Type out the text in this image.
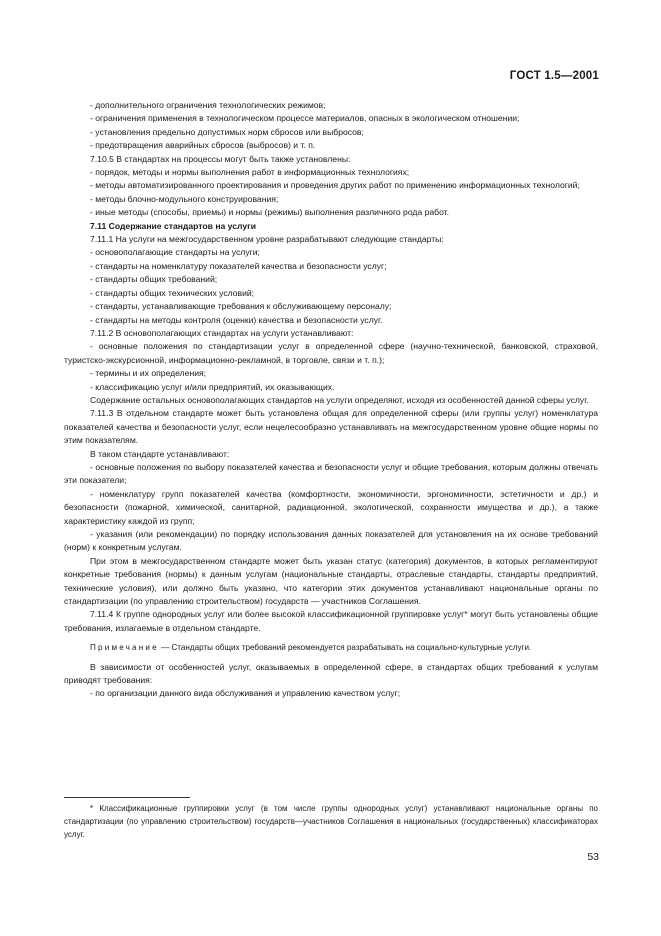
ГОСТ 1.5—2001

- дополнительного ограничения технологических режимов;

- ограничения применения в технологическом процессе материалов, опасных в экологическом отношении;

- установления предельно допустимых норм сбросов или выбросов;

- предотвращения аварийных сбросов (выбросов) и т. п.

7.10.5 В стандартах на процессы могут быть также установлены:

- порядок, методы и нормы выполнения работ в информационных технологиях;

- методы автоматизированного проектирования и проведения других работ по применению информационных технологий;

- методы блочно-модульного конструирования;

- иные методы (способы, приемы) и нормы (режимы) выполнения различного рода работ.

7.11 Содержание стандартов на услуги

7.11.1 На услуги на межгосударственном уровне разрабатывают следующие стандарты:

- основополагающие стандарты на услуги;

- стандарты на номенклатуру показателей качества и безопасности услуг;

- стандарты общих требований;

- стандарты общих технических условий;

- стандарты, устанавливающие требования к обслуживающему персоналу;

- стандарты на методы контроля (оценки) качества и безопасности услуг.

7.11.2 В основополагающих стандартах на услуги устанавливают:

- основные положения по стандартизации услуг в определенной сфере (научно-технической, банковской, страховой, туристско-экскурсионной, информационно-рекламной, в торговле, связи и т. п.);

- термины и их определения;

- классификацию услуг и/или предприятий, их оказывающих.

Содержание остальных основополагающих стандартов на услуги определяют, исходя из особенностей данной сферы услуг.

7.11.3 В отдельном стандарте может быть установлена общая для определенной сферы (или группы услуг) номенклатура показателей качества и безопасности услуг, если нецелесообразно устанавливать на межгосударственном уровне общие нормы по этим показателям.

В таком стандарте устанавливают:

- основные положения по выбору показателей качества и безопасности услуг и общие требования, которым должны отвечать эти показатели;

- номенклатуру групп показателей качества (комфортности, экономичности, эргономичности, эстетичности и др.) и безопасности (пожарной, химической, санитарной, радиационной, экологической, сохранности имущества и др.), а также характеристику каждой из групп;

- указания (или рекомендации) по порядку использования данных показателей для установления на их основе требований (норм) к конкретным услугам.

При этом в межгосударственном стандарте может быть указан статус (категория) документов, в которых регламентируют конкретные требования (нормы) к данным услугам (национальные стандарты, отраслевые стандарты, стандарты предприятий, технические условия), или должно быть указано, что категории этих документов устанавливают национальные органы по стандартизации (по управлению строительством) государств — участников Соглашения.

7.11.4 К группе однородных услуг или более высокой классификационной группировке услуг* могут быть установлены общие требования, излагаемые в отдельном стандарте.

Примечание — Стандарты общих требований рекомендуется разрабатывать на социально-культурные услуги.

В зависимости от особенностей услуг, оказываемых в определенной сфере, в стандартах общих требований к услугам приводят требования:

- по организации данного вида обслуживания и управлению качеством услуг;

* Классификационные группировки услуг (в том числе группы однородных услуг) устанавливают национальные органы по стандартизации (по управлению строительством) государств—участников Соглашения в национальных (государственных) классификаторах услуг.

53
